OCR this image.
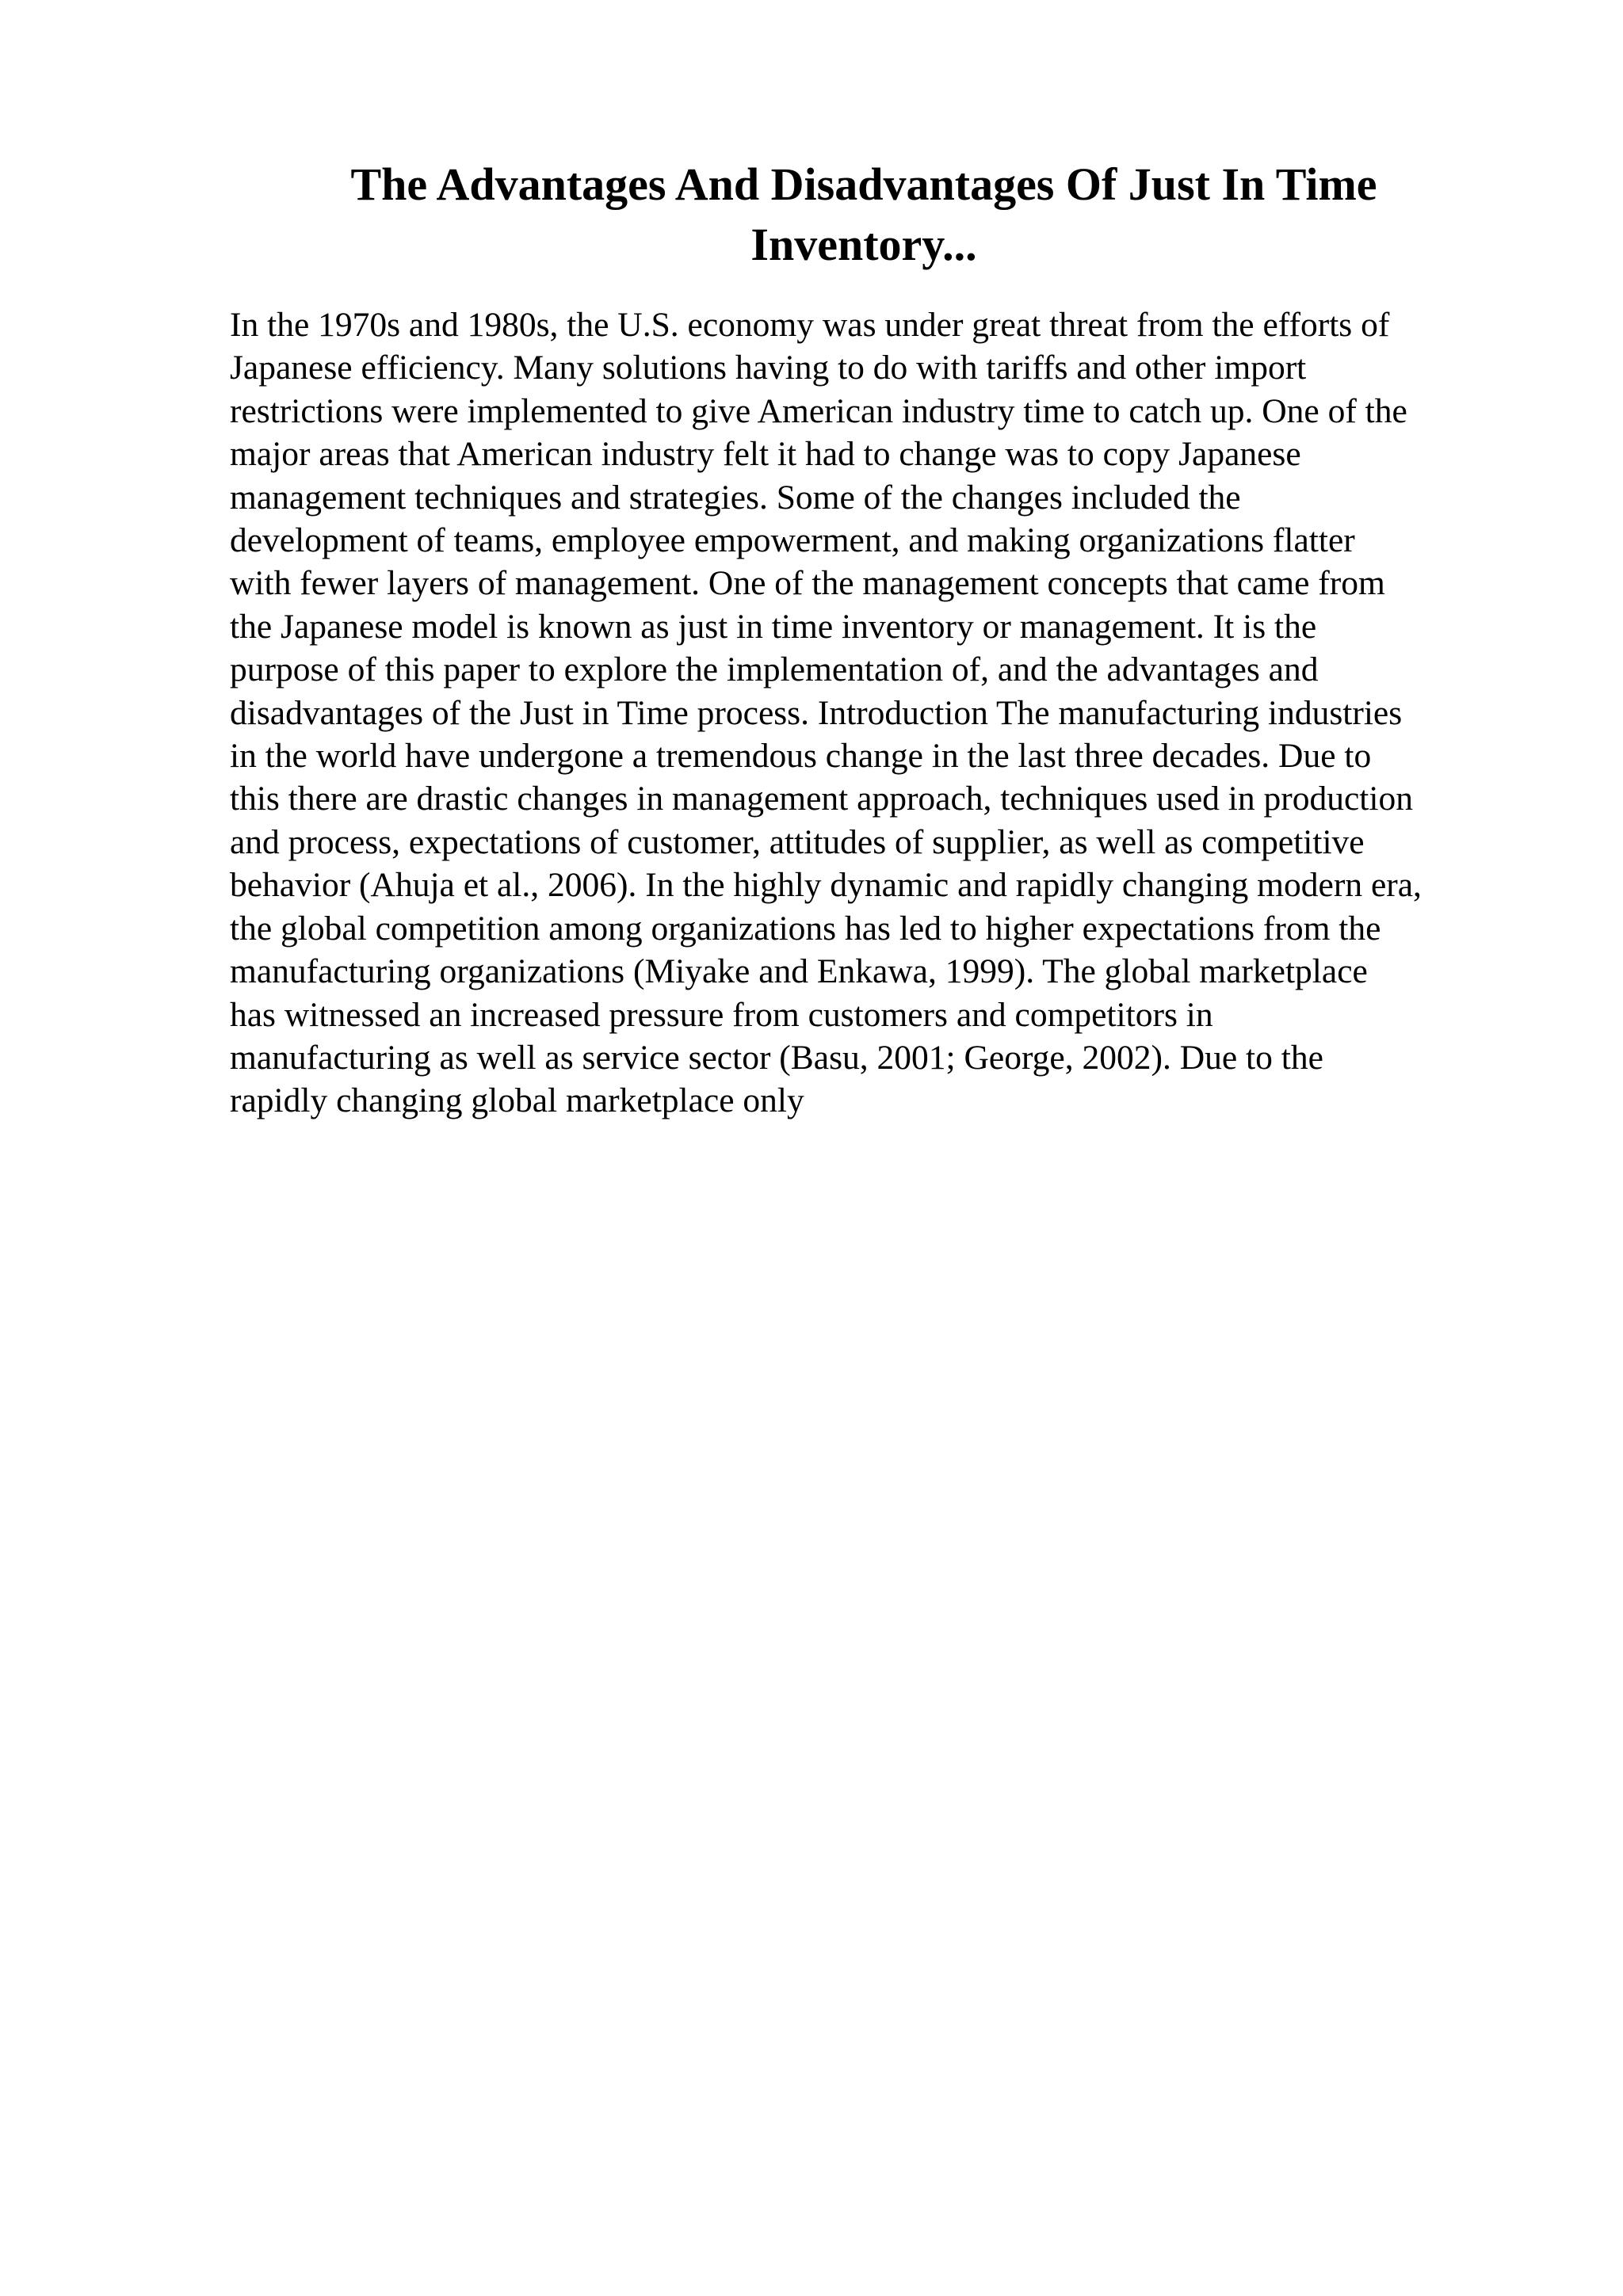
The Advantages And Disadvantages Of Just In Time
Inventory...
In the 1970s and 1980s, the U.S. economy was under great threat from the efforts of
Japanese efficiency. Many solutions having to do with tariffs and other import
restrictions were implemented to give American industry time to catch up. One of the
major areas that American industry felt it had to change was to copy Japanese
management techniques and strategies. Some of the changes included the
development of teams, employee empowerment, and making organizations flatter
with fewer layers of management. One of the management concepts that came from
the Japanese model is known as just in time inventory or management. It is the
purpose of this paper to explore the implementation of, and the advantages and
disadvantages of the Just in Time process. Introduction The manufacturing industries
in the world have undergone a tremendous change in the last three decades. Due to
this there are drastic changes in management approach, techniques used in production
and process, expectations of customer, attitudes of supplier, as well as competitive
behavior (Ahuja et al., 2006). In the highly dynamic and rapidly changing modern era,
the global competition among organizations has led to higher expectations from the
manufacturing organizations (Miyake and Enkawa, 1999). The global marketplace
has witnessed an increased pressure from customers and competitors in
manufacturing as well as service sector (Basu, 2001; George, 2002). Due to the
rapidly changing global marketplace only
